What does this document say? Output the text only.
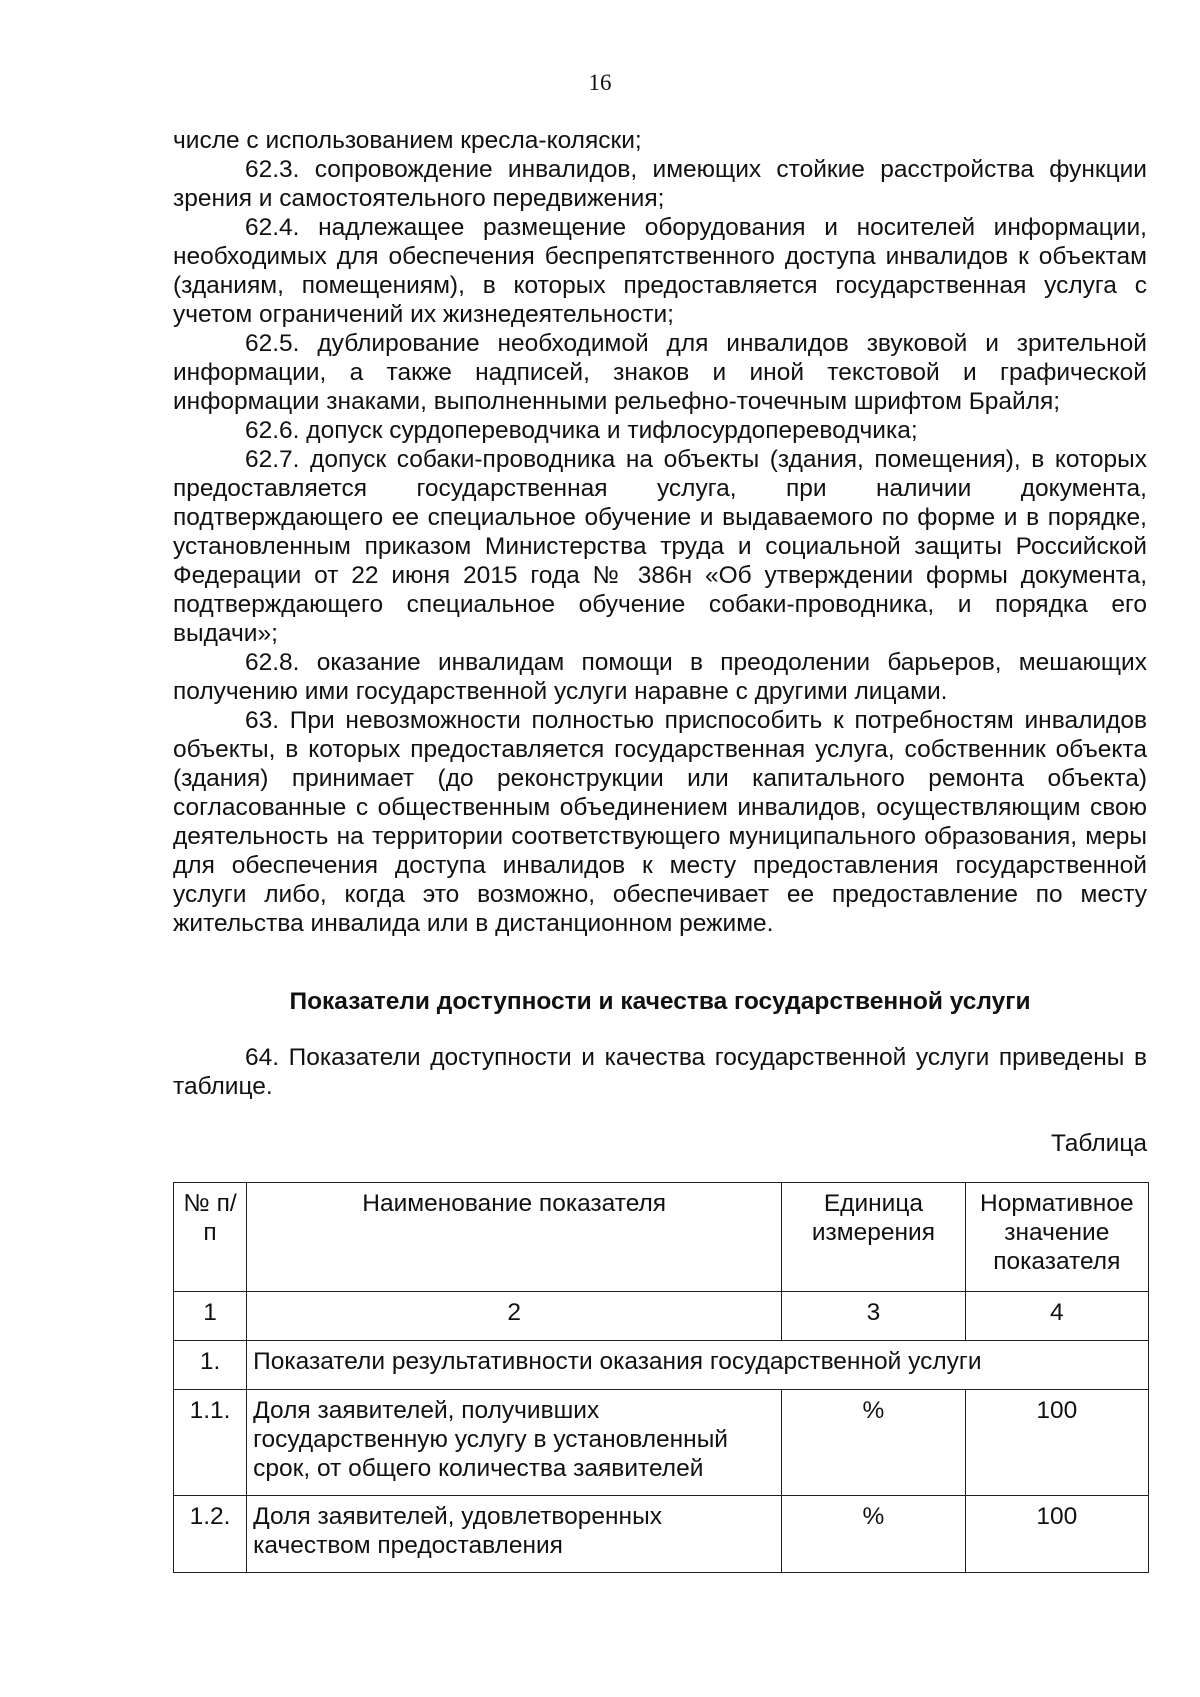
16

числе с использованием кресла-коляски;

62.3. сопровождение инвалидов, имеющих стойкие расстройства функции зрения и самостоятельного передвижения;

62.4. надлежащее размещение оборудования и носителей информации, необходимых для обеспечения беспрепятственного доступа инвалидов к объектам (зданиям, помещениям), в которых предоставляется государственная услуга с учетом ограничений их жизнедеятельности;

62.5. дублирование необходимой для инвалидов звуковой и зрительной информации, а также надписей, знаков и иной текстовой и графической информации знаками, выполненными рельефно-точечным шрифтом Брайля;

62.6. допуск сурдопереводчика и тифлосурдопереводчика;

62.7. допуск собаки-проводника на объекты (здания, помещения), в которых предоставляется государственная услуга, при наличии документа, подтверждающего ее специальное обучение и выдаваемого по форме и в порядке, установленным приказом Министерства труда и социальной защиты Российской Федерации от 22 июня 2015 года № 386н «Об утверждении формы документа, подтверждающего специальное обучение собаки-проводника, и порядка его выдачи»;

62.8. оказание инвалидам помощи в преодолении барьеров, мешающих получению ими государственной услуги наравне с другими лицами.

63. При невозможности полностью приспособить к потребностям инвалидов объекты, в которых предоставляется государственная услуга, собственник объекта (здания) принимает (до реконструкции или капитального ремонта объекта) согласованные с общественным объединением инвалидов, осуществляющим свою деятельность на территории соответствующего муниципального образования, меры для обеспечения доступа инвалидов к месту предоставления государственной услуги либо, когда это возможно, обеспечивает ее предоставление по месту жительства инвалида или в дистанционном режиме.

Показатели доступности и качества государственной услуги

64. Показатели доступности и качества государственной услуги приведены в таблице.

Таблица
№ п/п	Наименование показателя	Единица измерения	Нормативное значение показателя
1	2	3	4
1.	Показатели результативности оказания государственной услуги		
1.1.	Доля заявителей, получивших государственную услугу в установленный срок, от общего количества заявителей	%	100
1.2.	Доля заявителей, удовлетворенных качеством предоставления	%	100
